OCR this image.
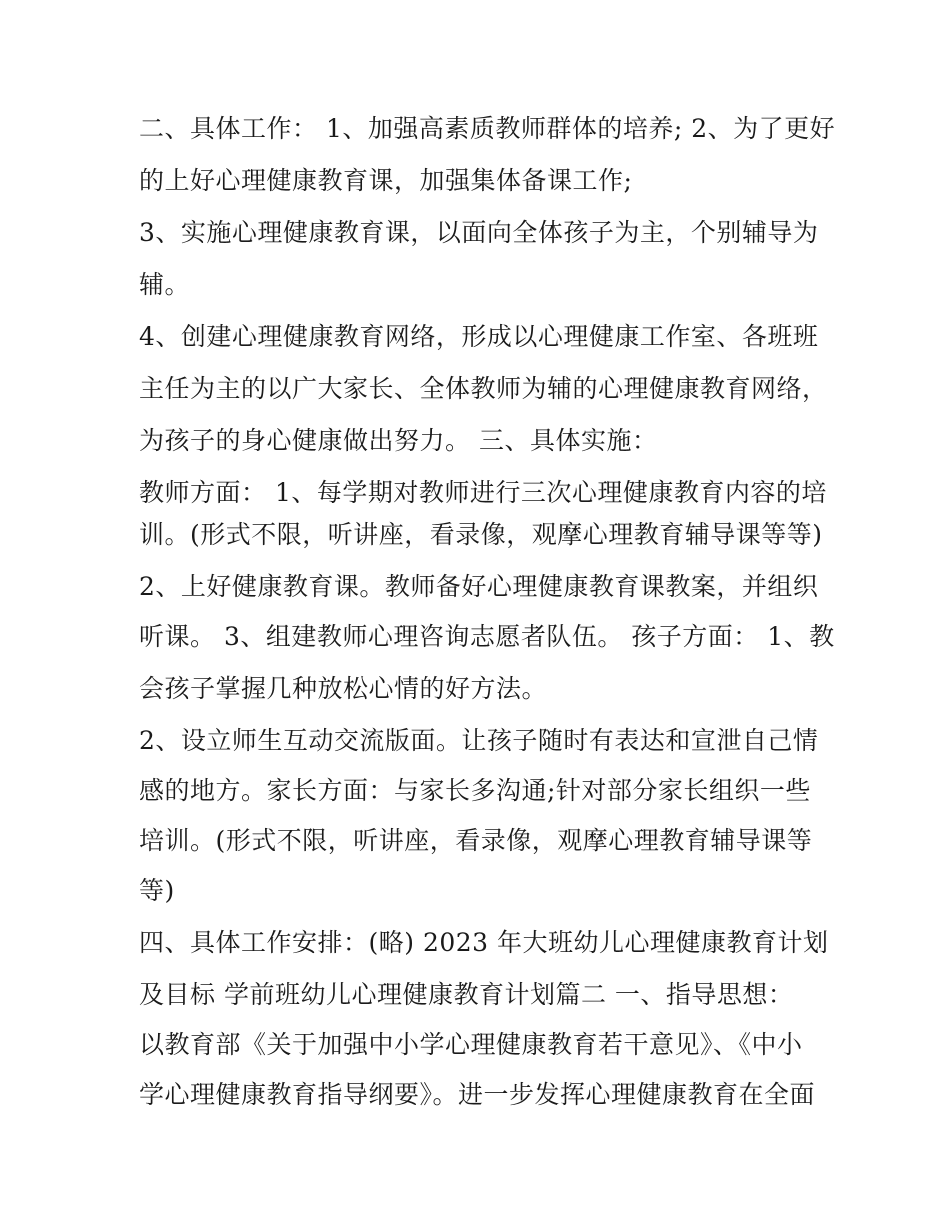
二、具体工作： 1、加强高素质教师群体的培养; 2、为了更好
的上好心理健康教育课，加强集体备课工作;
3、实施心理健康教育课，以面向全体孩子为主，个别辅导为
辅。
4、创建心理健康教育网络，形成以心理健康工作室、各班班
主任为主的以广大家长、全体教师为辅的心理健康教育网络，
为孩子的身心健康做出努力。 三、具体实施：
教师方面： 1、每学期对教师进行三次心理健康教育内容的培
训。(形式不限，听讲座，看录像，观摩心理教育辅导课等等)
2、上好健康教育课。教师备好心理健康教育课教案，并组织
听课。 3、组建教师心理咨询志愿者队伍。 孩子方面： 1、教
会孩子掌握几种放松心情的好方法。
2、设立师生互动交流版面。让孩子随时有表达和宣泄自己情
感的地方。家长方面：与家长多沟通;针对部分家长组织一些
培训。(形式不限，听讲座，看录像，观摩心理教育辅导课等
等)
四、具体工作安排：(略) 2023 年大班幼儿心理健康教育计划
及目标 学前班幼儿心理健康教育计划篇二 一、指导思想：
以教育部《关于加强中小学心理健康教育若干意见》、《中小
学心理健康教育指导纲要》。进一步发挥心理健康教育在全面
